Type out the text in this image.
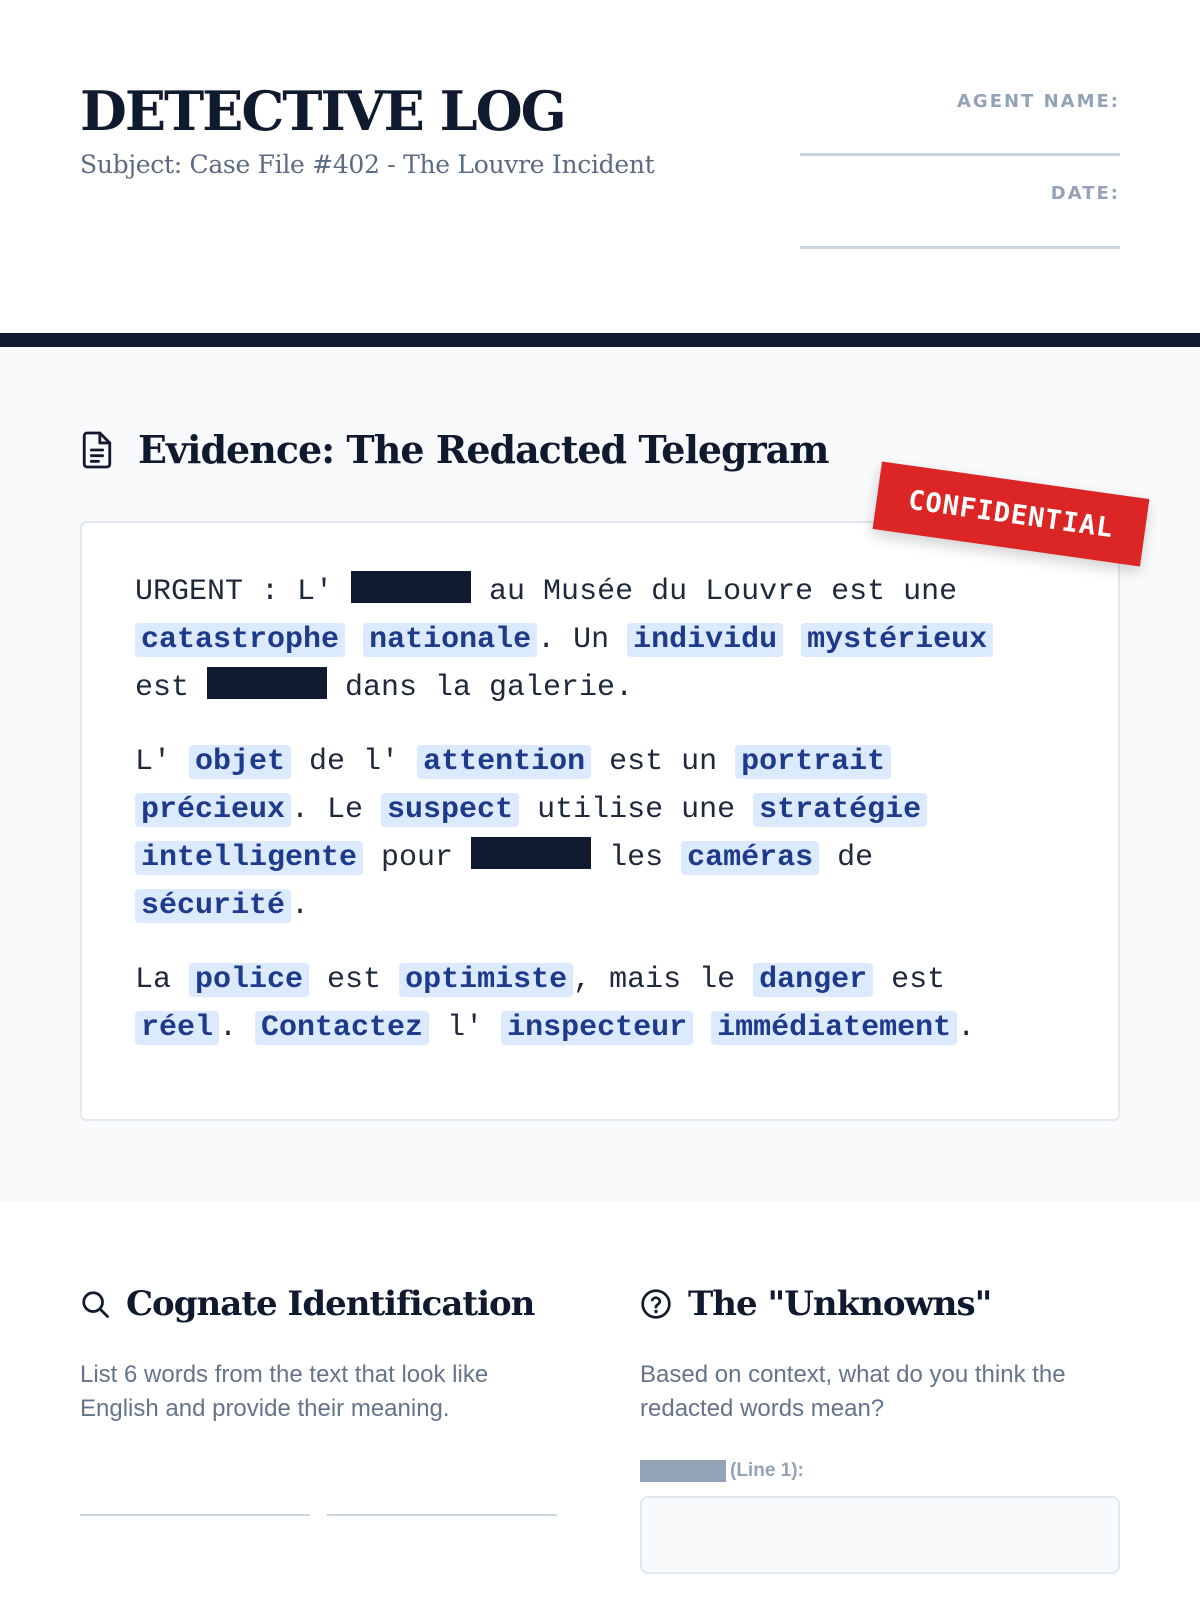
DETECTIVE LOG
Subject: Case File #402 - The Louvre Incident
AGENT NAME:
DATE:
Evidence: The Redacted Telegram
CONFIDENTIAL

URGENT : L'	au Musée du Louvre est une catastrophe nationale . Un individu mystérieux est	dans la galerie.

L' objet de l' attention est un portrait précieux . Le suspect utilise une stratégie intelligente pour	les caméras de sécurité .

La police est optimiste , mais le danger est réel . Contactez l' inspecteur immédiatement .

Cognate Identification
List 6 words from the text that look like English and provide their meaning.
The "Unknowns"
Based on context, what do you think the redacted words mean?
(Line 1):
